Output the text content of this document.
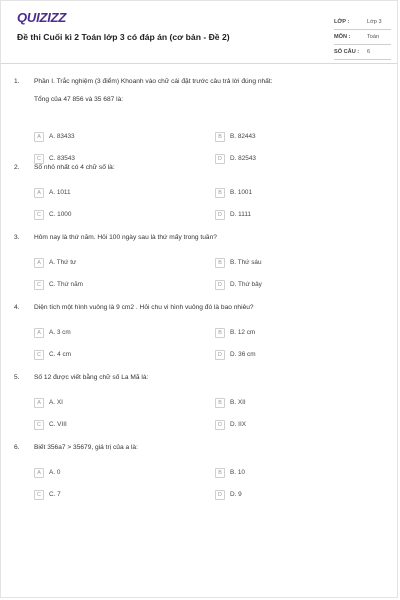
QUIZIZZ
Đề thi Cuối kì 2 Toán lớp 3 có đáp án (cơ bản - Đề 2)
LỚP :	Lớp 3
MÔN :	Toán
SỐ CÂU :	6
1. Phần I. Trắc nghiệm (3 điểm) Khoanh vào chữ cái đặt trước câu trả lời đúng nhất:
Tổng của 47 856 và 35 687 là:
A	A. 83433	B	B. 82443
C	C. 83543	D	D. 82543
2. Số nhỏ nhất có 4 chữ số là:
A	A. 1011	B	B. 1001
C	C. 1000	D	D. 1111
3. Hôm nay là thứ năm. Hỏi 100 ngày sau là thứ mấy trong tuần?
A	A. Thứ tư	B	B. Thứ sáu
C	C. Thứ năm	D	D. Thứ bảy
4. Diện tích một hình vuông là 9 cm2 . Hỏi chu vi hình vuông đó là bao nhiêu?
A	A. 3 cm	B	B. 12 cm
C	C. 4 cm	D	D. 36 cm
5. Số 12 được viết bằng chữ số La Mã là:
A	A. XI	B	B. XII
C	C. VIII	D	D. IIX
6. Biết 356a7 > 35679, giá trị của a là:
A	A. 0	B	B. 10
C	C. 7	D	D. 9
